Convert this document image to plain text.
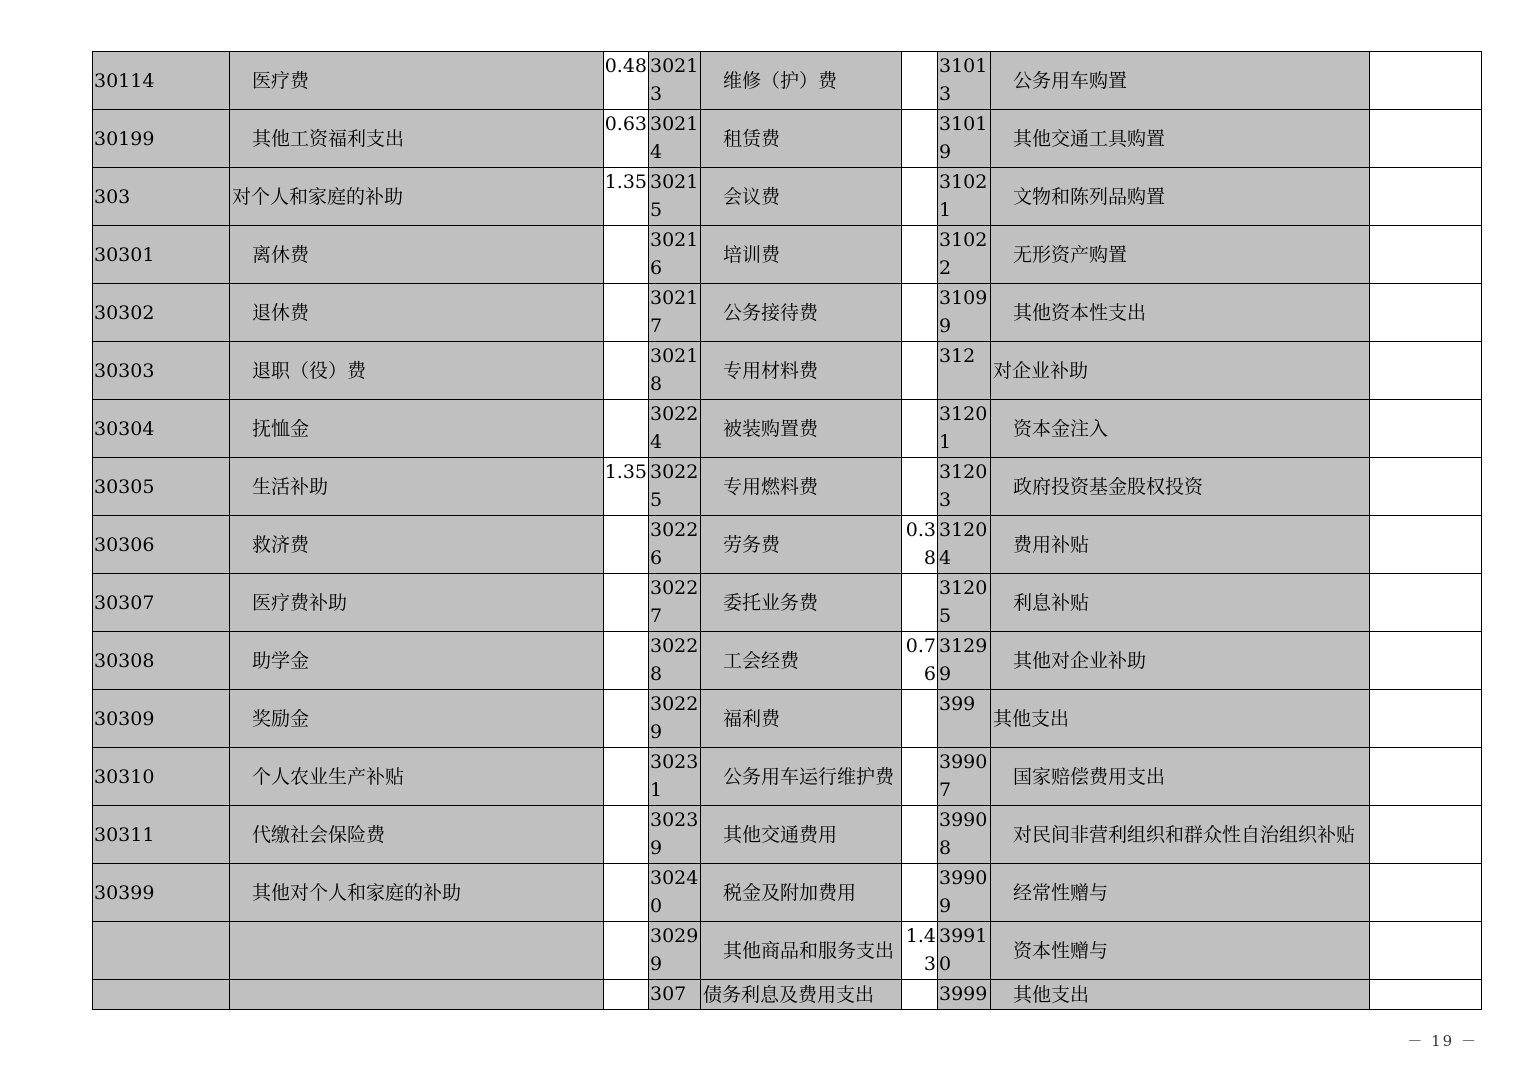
30114	医疗费	0.48	30213	维修（护）费		31013	公务用车购置	
30199	其他工资福利支出	0.63	30214	租赁费		31019	其他交通工具购置	
303	对个人和家庭的补助	1.35	30215	会议费		31021	文物和陈列品购置	
30301	离休费		30216	培训费		31022	无形资产购置	
30302	退休费		30217	公务接待费		31099	其他资本性支出	
30303	退职（役）费		30218	专用材料费		312	对企业补助	
30304	抚恤金		30224	被装购置费		31201	资本金注入	
30305	生活补助	1.35	30225	专用燃料费		31203	政府投资基金股权投资	
30306	救济费		30226	劳务费	0.38	31204	费用补贴	
30307	医疗费补助		30227	委托业务费		31205	利息补贴	
30308	助学金		30228	工会经费	0.76	31299	其他对企业补助	
30309	奖励金		30229	福利费		399	其他支出	
30310	个人农业生产补贴		30231	公务用车运行维护费		39907	国家赔偿费用支出	
30311	代缴社会保险费		30239	其他交通费用		39908	对民间非营利组织和群众性自治组织补贴	
30399	其他对个人和家庭的补助		30240	税金及附加费用		39909	经常性赠与	
			30299	其他商品和服务支出	1.43	39910	资本性赠与	
			307	债务利息及费用支出		3999	其他支出	
－ 19 －
